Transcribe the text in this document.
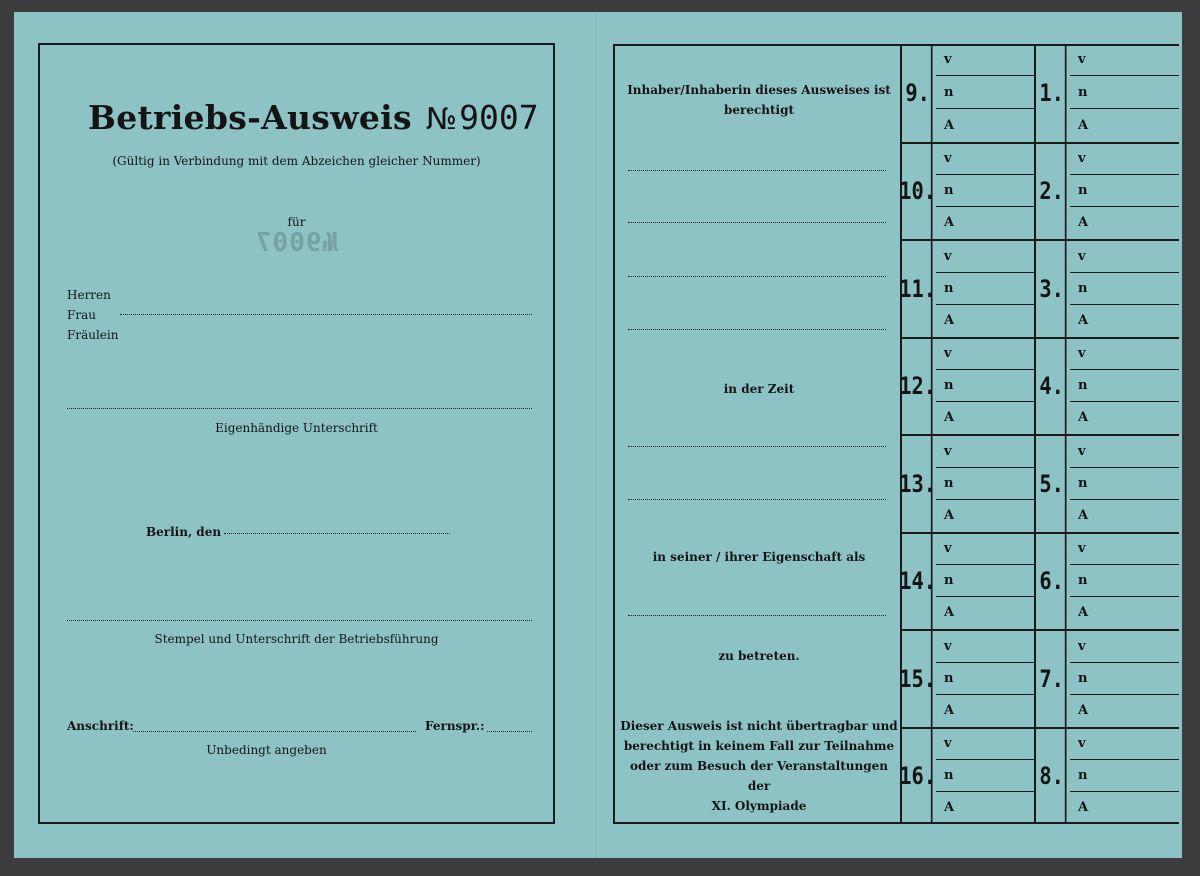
Betriebs-Ausweis №9007
(Gültig in Verbindung mit dem Abzeichen gleicher Nummer)
für
№9007
Herren
Frau
Fräulein
Eigenhändige Unterschrift
Berlin, den
Stempel und Unterschrift der Betriebsführung
Anschrift:	Fernspr.:
Unbedingt angeben
Inhaber/Inhaberin dieses Ausweises ist
berechtigt
in der Zeit
in seiner / ihrer Eigenschaft als
zu betreten.
Dieser Ausweis ist nicht übertragbar und
berechtigt in keinem Fall zur Teilnahme
oder zum Besuch der Veranstaltungen der
XI. Olympiade
9.
v
n
A
10.
v
n
A
11.
v
n
A
12.
v
n
A
13.
v
n
A
14.
v
n
A
15.
v
n
A
16.
v
n
A
1.
v
n
A
2.
v
n
A
3.
v
n
A
4.
v
n
A
5.
v
n
A
6.
v
n
A
7.
v
n
A
8.
v
n
A
